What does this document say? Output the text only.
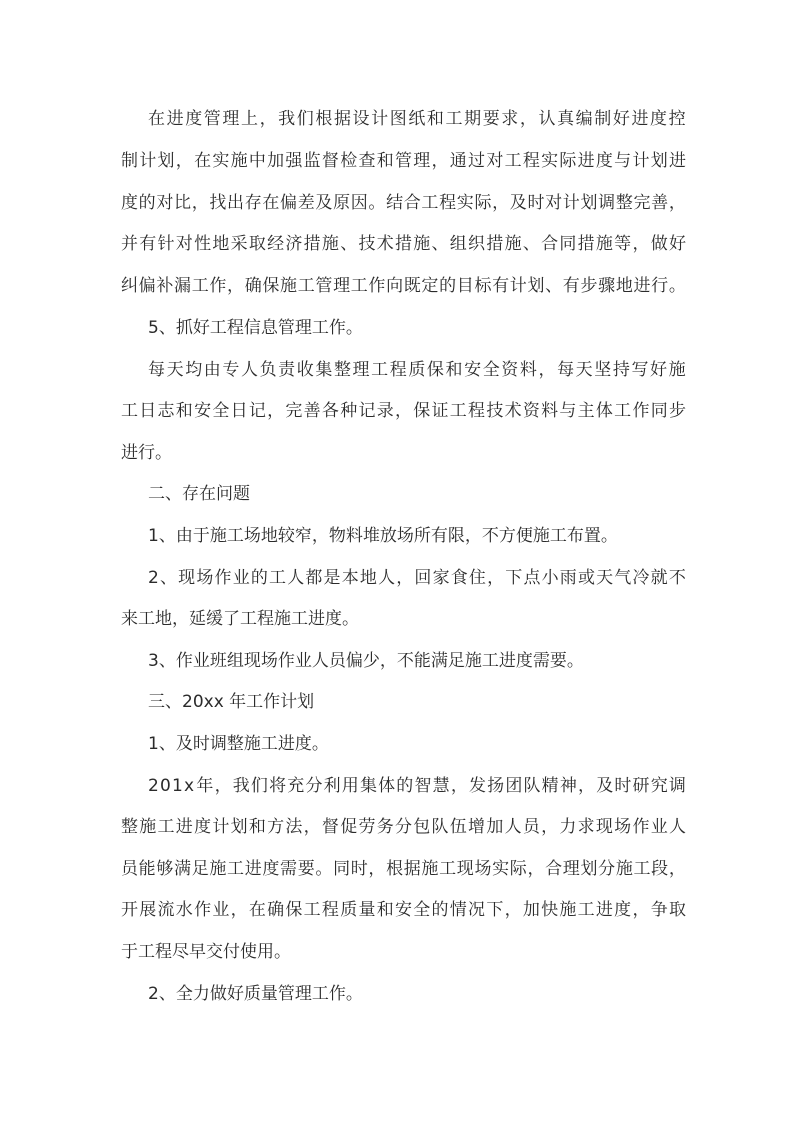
在 进 度 管 理 上 ， 我 们 根 据 设 计 图 纸 和 工 期 要 求 ， 认 真 编 制 好 进 度 控
制 计 划 ， 在 实 施 中 加 强 监 督 检 查 和 管 理 ， 通 过 对 工 程 实 际 进 度 与 计 划 进
度 的 对 比 ， 找 出 存 在 偏 差 及 原 因 。 结 合 工 程 实 际 ， 及 时 对 计 划 调 整 完 善 ，
并 有 针 对 性 地 采 取 经 济 措 施 、 技 术 措 施 、 组 织 措 施 、 合 同 措 施 等 ， 做 好
纠 偏 补 漏 工 作 ， 确 保 施 工 管 理 工 作 向 既 定 的 目 标 有 计 划 、 有 步 骤 地 进 行 。
5、抓好工程信息管理工作。
每 天 均 由 专 人 负 责 收 集 整 理 工 程 质 保 和 安 全 资 料 ， 每 天 坚 持 写 好 施
工 日 志 和 安 全 日 记 ， 完 善 各 种 记 录 ， 保 证 工 程 技 术 资 料 与 主 体 工 作 同 步
进行。
二、存在问题
1、由于施工场地较窄，物料堆放场所有限，不方便施工布置。
2 、 现 场 作 业 的 工 人 都 是 本 地 人 ， 回 家 食 住 ， 下 点 小 雨 或 天 气 冷 就 不
来工地，延缓了工程施工进度。
3、作业班组现场作业人员偏少，不能满足施工进度需要。
三、20xx 年工作计划
1、及时调整施工进度。
2 0 1 x 年 ， 我 们 将 充 分 利 用 集 体 的 智 慧 ， 发 扬 团 队 精 神 ， 及 时 研 究 调
整 施 工 进 度 计 划 和 方 法 ， 督 促 劳 务 分 包 队 伍 增 加 人 员 ， 力 求 现 场 作 业 人
员 能 够 满 足 施 工 进 度 需 要 。 同 时 ， 根 据 施 工 现 场 实 际 ， 合 理 划 分 施 工 段 ，
开 展 流 水 作 业 ， 在 确 保 工 程 质 量 和 安 全 的 情 况 下 ， 加 快 施 工 进 度 ， 争 取
于工程尽早交付使用。
2、全力做好质量管理工作。
